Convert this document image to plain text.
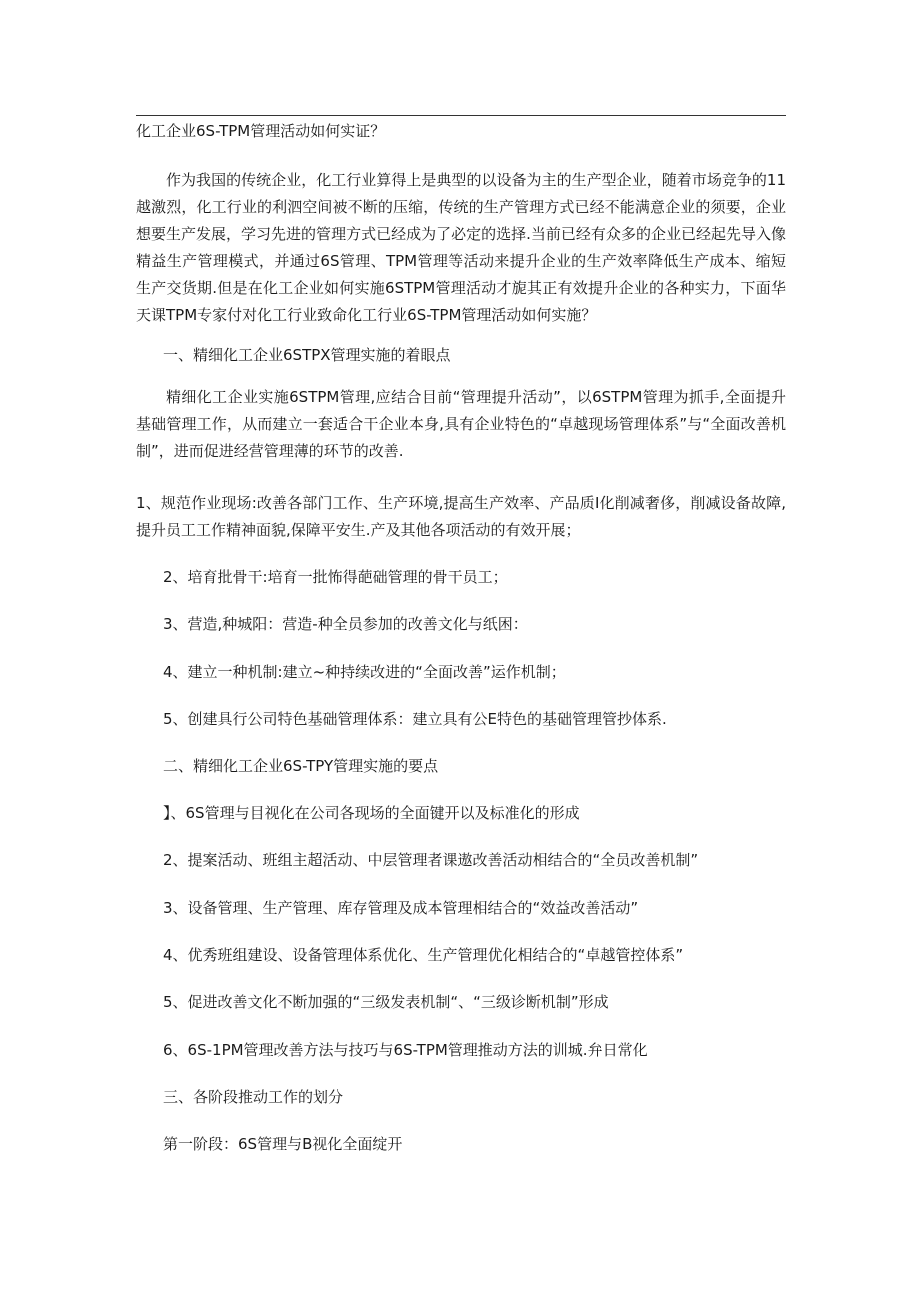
化工企业6S-TPM管理活动如何实证？

作为我国的传统企业，化工行业算得上是典型的以设备为主的生产型企业，随着市场竞争的11越激烈，化工行业的利泗空间被不断的压缩，传统的生产管理方式已经不能满意企业的须要，企业想要生产发展，学习先进的管理方式已经成为了必定的选择.当前已经有众多的企业已经起先导入像精益生产管理模式，并通过6S管理、TPM管理等活动来提升企业的生产效率降低生产成本、缩短生产交货期.但是在化工企业如何实施6STPM管理活动才旎其正有效提升企业的各种实力，下面华天课TPM专家付对化工行业致命化工行业6S-TPM管理活动如何实施？

一、精细化工企业6STPX管理实施的着眼点

精细化工企业实施6STPM管理,应结合目前“管理提升活动”，以6STPM管理为抓手,全面提升基础管理工作，从而建立一套适合干企业本身,具有企业特色的“卓越现场管理体系”与“全面改善机制”，进而促进经营管理薄的环节的改善.

1、规范作业现场:改善各部门工作、生产环境,提高生产效率、产品质I化削减奢侈，削减设备故障,提升员工工作精神面貌,保障平安生.产及其他各项活动的有效开展；

2、培育批骨干:培育一批怖得葩础管理的骨干员工；
3、营造,种城阳：营造-种全员参加的改善文化与纸困：
4、建立一种机制:建立~种持续改进的“全面改善”运作机制；
5、创建具行公司特色基础管理体系：建立具有公E特色的基础管理管抄体系.
二、精细化工企业6S-TPY管理实施的要点
】、6S管理与目视化在公司各现场的全面键开以及标准化的形成
2、提案活动、班组主超活动、中层管理者课遨改善活动相结合的“全员改善机制”
3、设备管理、生产管理、库存管理及成本管理相结合的“效益改善活动”
4、优秀班组建设、设备管理体系优化、生产管理优化相结合的“卓越管控体系”
5、促进改善文化不断加强的“三级发表机制“、“三级诊断机制”形成
6、6S-1PM管理改善方法与技巧与6S-TPM管理推动方法的训城.弁日常化
三、各阶段推动工作的划分
第一阶段：6S管理与B视化全面绽开
